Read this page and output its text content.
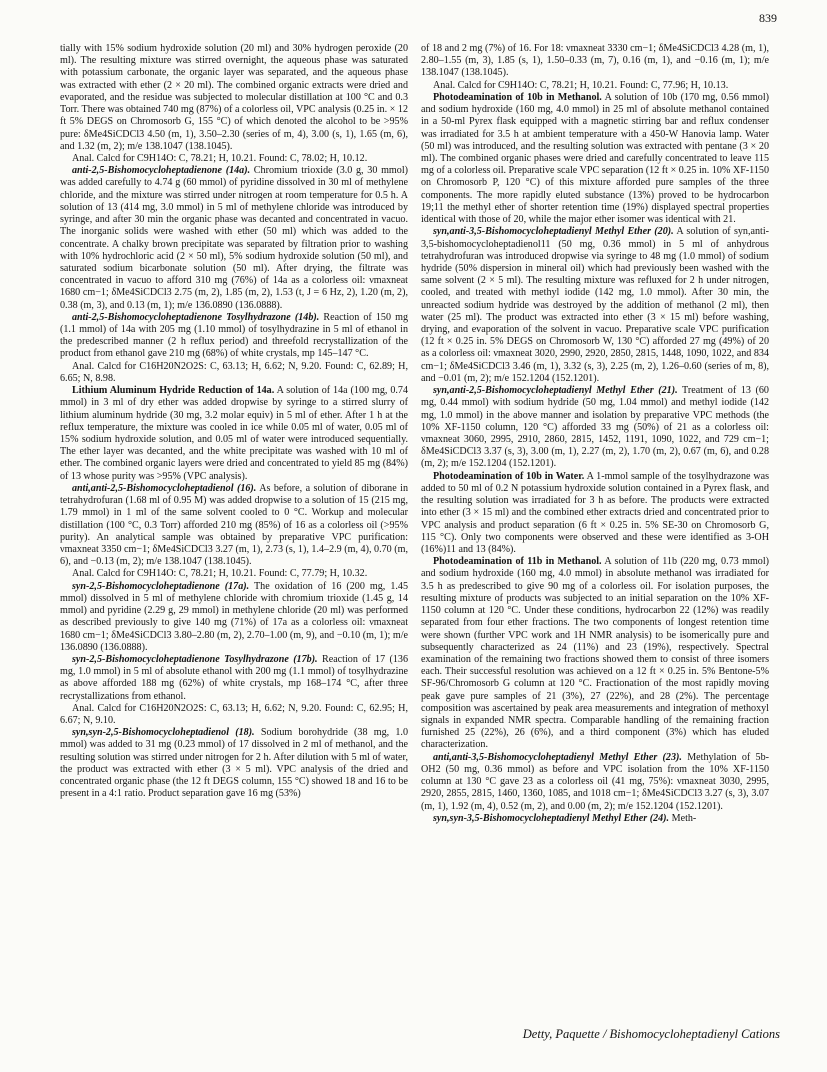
839

tially with 15% sodium hydroxide solution (20 ml) and 30% hydrogen peroxide (20 ml). The resulting mixture was stirred overnight, the aqueous phase was saturated with potassium carbonate, the organic layer was separated, and the aqueous phase was extracted with ether (2 × 20 ml). The combined organic extracts were dried and evaporated, and the residue was subjected to molecular distillation at 100 °C and 0.3 Torr. There was obtained 740 mg (87%) of a colorless oil, VPC analysis (0.25 in. × 12 ft 5% DEGS on Chromosorb G, 155 °C) of which denoted the alcohol to be >95% pure: δMe4SiCDCl3 4.50 (m, 1), 3.50–2.30 (series of m, 4), 3.00 (s, 1), 1.65 (m, 6), and 1.32 (m, 2); m/e 138.1047 (138.1045).

Anal. Calcd for C9H14O: C, 78.21; H, 10.21. Found: C, 78.02; H, 10.12.

anti-2,5-Bishomocycloheptadienone (14a). Chromium trioxide (3.0 g, 30 mmol) was added carefully to 4.74 g (60 mmol) of pyridine dissolved in 30 ml of methylene chloride, and the mixture was stirred under nitrogen at room temperature for 0.5 h. A solution of 13 (414 mg, 3.0 mmol) in 5 ml of methylene chloride was introduced by syringe, and after 30 min the organic phase was decanted and concentrated in vacuo. The inorganic solids were washed with ether (50 ml) which was added to the concentrate. A chalky brown precipitate was separated by filtration prior to washing with 10% hydrochloric acid (2 × 50 ml), 5% sodium hydroxide solution (50 ml), and saturated sodium bicarbonate solution (50 ml). After drying, the filtrate was concentrated in vacuo to afford 310 mg (76%) of 14a as a colorless oil: νmaxneat 1680 cm−1; δMe4SiCDCl3 2.75 (m, 2), 1.85 (m, 2), 1.53 (t, J = 6 Hz, 2), 1.20 (m, 2), 0.38 (m, 3), and 0.13 (m, 1); m/e 136.0890 (136.0888).

anti-2,5-Bishomocycloheptadienone Tosylhydrazone (14b). Reaction of 150 mg (1.1 mmol) of 14a with 205 mg (1.10 mmol) of tosylhydrazine in 5 ml of ethanol in the predescribed manner (2 h reflux period) and threefold recrystallization of the product from ethanol gave 210 mg (68%) of white crystals, mp 145–147 °C.

Anal. Calcd for C16H20N2O2S: C, 63.13; H, 6.62; N, 9.20. Found: C, 62.89; H, 6.65; N, 8.98.

Lithium Aluminum Hydride Reduction of 14a. A solution of 14a (100 mg, 0.74 mmol) in 3 ml of dry ether was added dropwise by syringe to a stirred slurry of lithium aluminum hydride (30 mg, 3.2 molar equiv) in 5 ml of ether. After 1 h at the reflux temperature, the mixture was cooled in ice while 0.05 ml of water, 0.05 ml of 15% sodium hydroxide solution, and 0.05 ml of water were introduced sequentially. The ether layer was decanted, and the white precipitate was washed with 10 ml of ether. The combined organic layers were dried and concentrated to yield 85 mg (84%) of 13 whose purity was >95% (VPC analysis).

anti,anti-2,5-Bishomocycloheptadienol (16). As before, a solution of diborane in tetrahydrofuran (1.68 ml of 0.95 M) was added dropwise to a solution of 15 (215 mg, 1.79 mmol) in 1 ml of the same solvent cooled to 0 °C. Workup and molecular distillation (100 °C, 0.3 Torr) afforded 210 mg (85%) of 16 as a colorless oil (>95% purity). An analytical sample was obtained by preparative VPC purification: νmaxneat 3350 cm−1; δMe4SiCDCl3 3.27 (m, 1), 2.73 (s, 1), 1.4–2.9 (m, 4), 0.70 (m, 6), and −0.13 (m, 2); m/e 138.1047 (138.1045).

Anal. Calcd for C9H14O: C, 78.21; H, 10.21. Found: C, 77.79; H, 10.32.

syn-2,5-Bishomocycloheptadienone (17a). The oxidation of 16 (200 mg, 1.45 mmol) dissolved in 5 ml of methylene chloride with chromium trioxide (1.45 g, 14 mmol) and pyridine (2.29 g, 29 mmol) in methylene chloride (20 ml) was performed as described previously to give 140 mg (71%) of 17a as a colorless oil: νmaxneat 1680 cm−1; δMe4SiCDCl3 3.80–2.80 (m, 2), 2.70–1.00 (m, 9), and −0.10 (m, 1); m/e 136.0890 (136.0888).

syn-2,5-Bishomocycloheptadienone Tosylhydrazone (17b). Reaction of 17 (136 mg, 1.0 mmol) in 5 ml of absolute ethanol with 200 mg (1.1 mmol) of tosylhydrazine as above afforded 188 mg (62%) of white crystals, mp 168–174 °C, after three recrystallizations from ethanol.

Anal. Calcd for C16H20N2O2S: C, 63.13; H, 6.62; N, 9.20. Found: C, 62.95; H, 6.67; N, 9.10.

syn,syn-2,5-Bishomocycloheptadienol (18). Sodium borohydride (38 mg, 1.0 mmol) was added to 31 mg (0.23 mmol) of 17 dissolved in 2 ml of methanol, and the resulting solution was stirred under nitrogen for 2 h. After dilution with 5 ml of water, the product was extracted with ether (3 × 5 ml). VPC analysis of the dried and concentrated organic phase (the 12 ft DEGS column, 155 °C) showed 18 and 16 to be present in a 4:1 ratio. Product separation gave 16 mg (53%)

of 18 and 2 mg (7%) of 16. For 18: νmaxneat 3330 cm−1; δMe4SiCDCl3 4.28 (m, 1), 2.80–1.55 (m, 3), 1.85 (s, 1), 1.50–0.33 (m, 7), 0.16 (m, 1), and −0.16 (m, 1); m/e 138.1047 (138.1045).

Anal. Calcd for C9H14O: C, 78.21; H, 10.21. Found: C, 77.96; H, 10.13.

Photodeamination of 10b in Methanol. A solution of 10b (170 mg, 0.56 mmol) and sodium hydroxide (160 mg, 4.0 mmol) in 25 ml of absolute methanol contained in a 50-ml Pyrex flask equipped with a magnetic stirring bar and reflux condenser was irradiated for 3.5 h at ambient temperature with a 450-W Hanovia lamp. Water (50 ml) was introduced, and the resulting solution was extracted with pentane (3 × 20 ml). The combined organic phases were dried and carefully concentrated to leave 115 mg of a colorless oil. Preparative scale VPC separation (12 ft × 0.25 in. 10% XF-1150 on Chromosorb P, 120 °C) of this mixture afforded pure samples of the three components. The more rapidly eluted substance (13%) proved to be hydrocarbon 19;11 the methyl ether of shorter retention time (19%) displayed spectral properties identical with those of 20, while the major ether isomer was identical with 21.

syn,anti-3,5-Bishomocycloheptadienyl Methyl Ether (20). A solution of syn,anti-3,5-bishomocycloheptadienol11 (50 mg, 0.36 mmol) in 5 ml of anhydrous tetrahydrofuran was introduced dropwise via syringe to 48 mg (1.0 mmol) of sodium hydride (50% dispersion in mineral oil) which had previously been washed with the same solvent (2 × 5 ml). The resulting mixture was refluxed for 2 h under nitrogen, cooled, and treated with methyl iodide (142 mg, 1.0 mmol). After 30 min, the unreacted sodium hydride was destroyed by the addition of methanol (2 ml), then water (25 ml). The product was extracted into ether (3 × 15 ml) before washing, drying, and evaporation of the solvent in vacuo. Preparative scale VPC purification (12 ft × 0.25 in. 5% DEGS on Chromosorb W, 130 °C) afforded 27 mg (49%) of 20 as a colorless oil: νmaxneat 3020, 2990, 2920, 2850, 2815, 1448, 1090, 1022, and 834 cm−1; δMe4SiCDCl3 3.46 (m, 1), 3.32 (s, 3), 2.25 (m, 2), 1.26–0.60 (series of m, 8), and −0.01 (m, 2); m/e 152.1204 (152.1201).

syn,anti-2,5-Bishomocycloheptadienyl Methyl Ether (21). Treatment of 13 (60 mg, 0.44 mmol) with sodium hydride (50 mg, 1.04 mmol) and methyl iodide (142 mg, 1.0 mmol) in the above manner and isolation by preparative VPC methods (the 10% XF-1150 column, 120 °C) afforded 33 mg (50%) of 21 as a colorless oil: νmaxneat 3060, 2995, 2910, 2860, 2815, 1452, 1191, 1090, 1022, and 729 cm−1; δMe4SiCDCl3 3.37 (s, 3), 3.00 (m, 1), 2.27 (m, 2), 1.70 (m, 2), 0.67 (m, 6), and 0.28 (m, 2); m/e 152.1204 (152.1201).

Photodeamination of 10b in Water. A 1-mmol sample of the tosylhydrazone was added to 50 ml of 0.2 N potassium hydroxide solution contained in a Pyrex flask, and the resulting solution was irradiated for 3 h as before. The products were extracted into ether (3 × 15 ml) and the combined ether extracts dried and concentrated prior to VPC analysis and product separation (6 ft × 0.25 in. 5% SE-30 on Chromosorb G, 115 °C). Only two components were observed and these were identified as 3-OH (16%)11 and 13 (84%).

Photodeamination of 11b in Methanol. A solution of 11b (220 mg, 0.73 mmol) and sodium hydroxide (160 mg, 4.0 mmol) in absolute methanol was irradiated for 3.5 h as predescribed to give 90 mg of a colorless oil. For isolation purposes, the resulting mixture of products was subjected to an initial separation on the 10% XF-1150 column at 120 °C. Under these conditions, hydrocarbon 22 (12%) was readily separated from four ether fractions. The two components of longest retention time were shown (further VPC work and 1H NMR analysis) to be isomerically pure and subsequently characterized as 24 (11%) and 23 (19%), respectively. Spectral examination of the remaining two fractions showed them to consist of three isomers each. Their successful resolution was achieved on a 12 ft × 0.25 in. 5% Bentone-5% SF-96/Chromosorb G column at 120 °C. Fractionation of the most rapidly moving peak gave pure samples of 21 (3%), 27 (22%), and 28 (2%). The percentage composition was ascertained by peak area measurements and integration of methoxyl signals in expanded NMR spectra. Comparable handling of the remaining fraction furnished 25 (22%), 26 (6%), and a third component (3%) which has eluded characterization.

anti,anti-3,5-Bishomocycloheptadienyl Methyl Ether (23). Methylation of 5b-OH2 (50 mg, 0.36 mmol) as before and VPC isolation from the 10% XF-1150 column at 130 °C gave 23 as a colorless oil (41 mg, 75%): νmaxneat 3030, 2995, 2920, 2855, 2815, 1460, 1360, 1085, and 1018 cm−1; δMe4SiCDCl3 3.27 (s, 3), 3.07 (m, 1), 1.92 (m, 4), 0.52 (m, 2), and 0.00 (m, 2); m/e 152.1204 (152.1201).

syn,syn-3,5-Bishomocycloheptadienyl Methyl Ether (24). Meth-

Detty, Paquette / Bishomocycloheptadienyl Cations
